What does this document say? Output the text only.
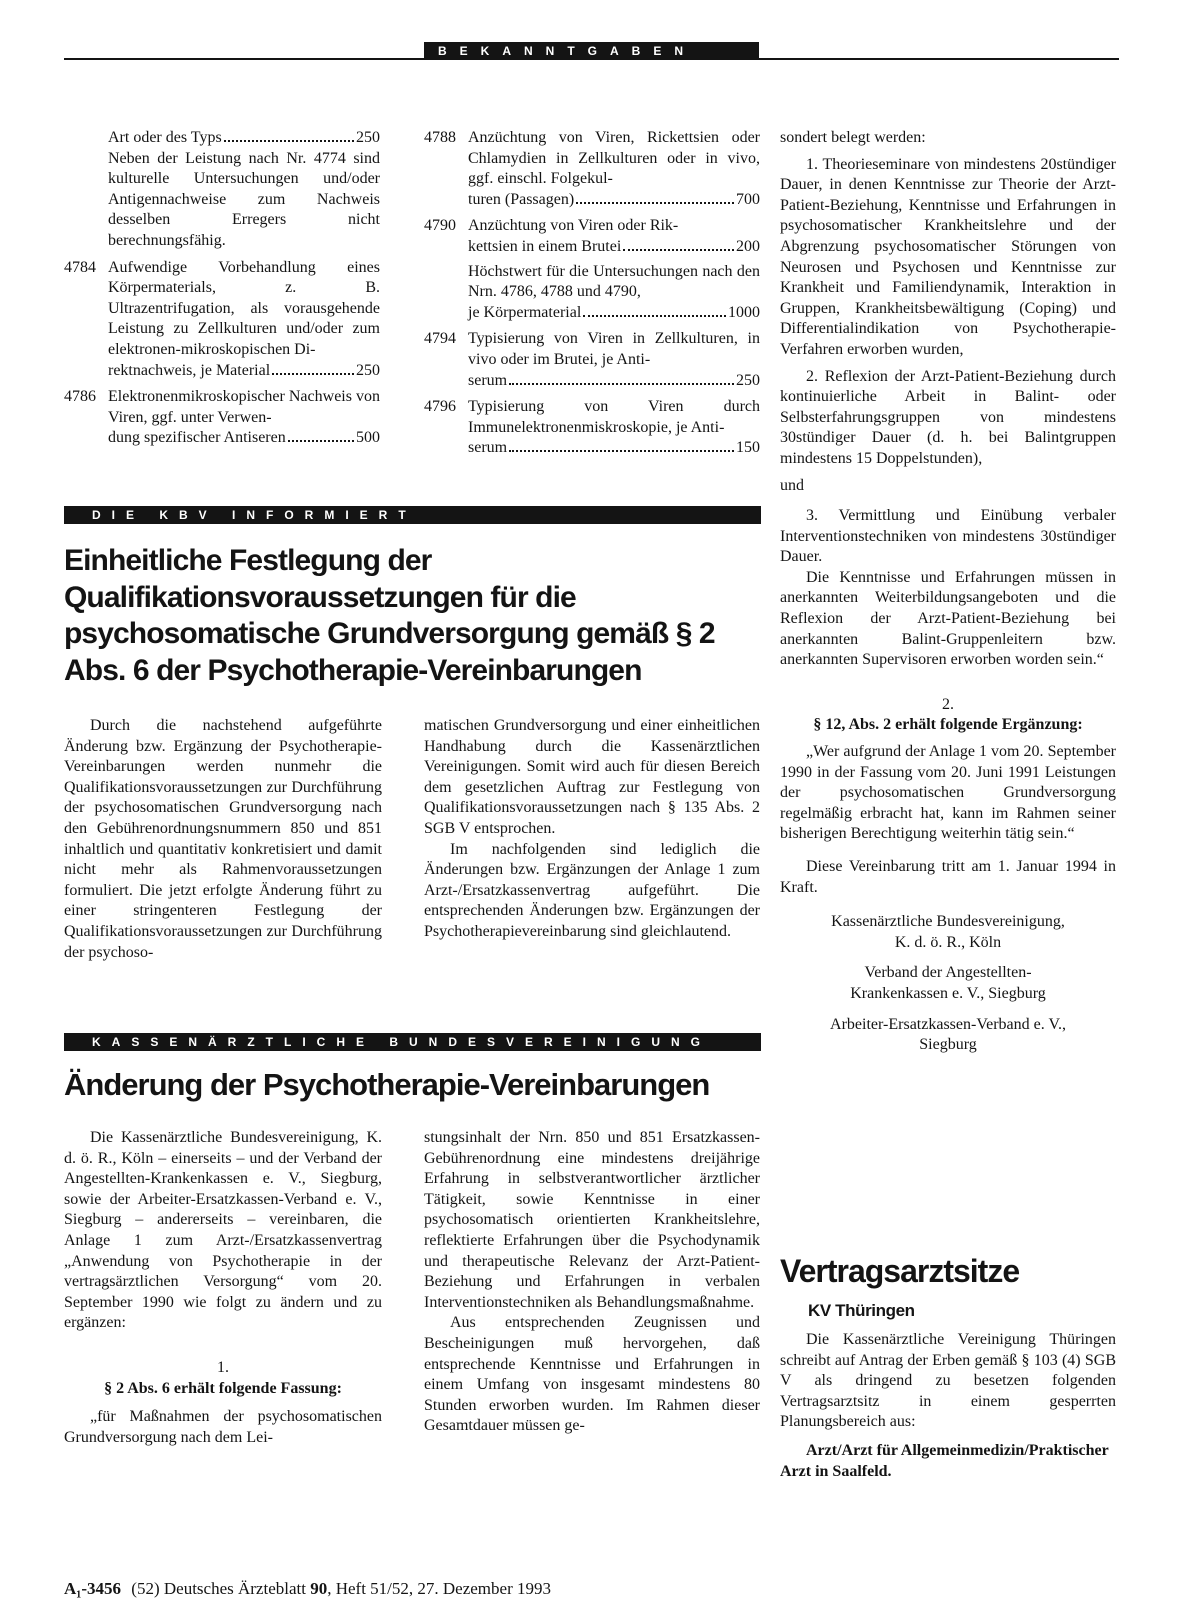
BEKANNTGABEN
Art oder des Typs	250

Neben der Leistung nach Nr. 4774 sind kulturelle Untersuchungen und/oder Antigennachweise zum Nachweis desselben Erregers nicht berechnungsfähig.

4784 Aufwendige Vorbehandlung eines Körpermaterials, z. B. Ultrazentrifugation, als vorausgehende Leistung zu Zellkulturen und/oder zum elektronen-mikroskopischen Di-

rektnachweis, je Material	250

4786 Elektronenmikroskopischer Nachweis von Viren, ggf. unter Verwen-

dung spezifischer Antiseren	500

4788 Anzüchtung von Viren, Rickettsien oder Chlamydien in Zellkulturen oder in vivo, ggf. einschl. Folgekul-

turen (Passagen)	700

4790 Anzüchtung von Viren oder Rik-

kettsien in einem Brutei	200

Höchstwert für die Untersuchungen nach den Nrn. 4786, 4788 und 4790,

je Körpermaterial	1000

4794 Typisierung von Viren in Zellkulturen, in vivo oder im Brutei, je Anti-

serum	250

4796 Typisierung von Viren durch Immunelektronenmiskroskopie, je Anti-

serum	150
DIE KBV INFORMIERT
Einheitliche Festlegung der Qualifikationsvoraussetzungen für die psychosomatische Grundversorgung gemäß § 2 Abs. 6 der Psychotherapie-Vereinbarungen

Durch die nachstehend aufgeführte Änderung bzw. Ergänzung der Psychotherapie-Vereinbarungen werden nunmehr die Qualifikationsvoraussetzungen zur Durchführung der psychosomatischen Grundversorgung nach den Gebührenordnungsnummern 850 und 851 inhaltlich und quantitativ konkretisiert und damit nicht mehr als Rahmenvoraussetzungen formuliert. Die jetzt erfolgte Änderung führt zu einer stringenteren Festlegung der Qualifikationsvoraussetzungen zur Durchführung der psychoso-

matischen Grundversorgung und einer einheitlichen Handhabung durch die Kassenärztlichen Vereinigungen. Somit wird auch für diesen Bereich dem gesetzlichen Auftrag zur Festlegung von Qualifikationsvoraussetzungen nach § 135 Abs. 2 SGB V entsprochen.

Im nachfolgenden sind lediglich die Änderungen bzw. Ergänzungen der Anlage 1 zum Arzt-/Ersatzkassenvertrag aufgeführt. Die entsprechenden Änderungen bzw. Ergänzungen der Psychotherapievereinbarung sind gleichlautend.

KASSENÄRZTLICHE BUNDESVEREINIGUNG
Änderung der Psychotherapie-Vereinbarungen

Die Kassenärztliche Bundesvereinigung, K. d. ö. R., Köln – einerseits – und der Verband der Angestellten-Krankenkassen e. V., Siegburg, sowie der Arbeiter-Ersatzkassen-Verband e. V., Siegburg – andererseits – vereinbaren, die Anlage 1 zum Arzt-/Ersatzkassenvertrag „Anwendung von Psychotherapie in der vertragsärztlichen Versorgung“ vom 20. September 1990 wie folgt zu ändern und zu ergänzen:

1.

§ 2 Abs. 6 erhält folgende Fassung:

„für Maßnahmen der psychosomatischen Grundversorgung nach dem Lei-

stungsinhalt der Nrn. 850 und 851 Ersatzkassen-Gebührenordnung eine mindestens dreijährige Erfahrung in selbstverantwortlicher ärztlicher Tätigkeit, sowie Kenntnisse in einer psychosomatisch orientierten Krankheitslehre, reflektierte Erfahrungen über die Psychodynamik und therapeutische Relevanz der Arzt-Patient-Beziehung und Erfahrungen in verbalen Interventionstechniken als Behandlungsmaßnahme.

Aus entsprechenden Zeugnissen und Bescheinigungen muß hervorgehen, daß entsprechende Kenntnisse und Erfahrungen in einem Umfang von insgesamt mindestens 80 Stunden erworben wurden. Im Rahmen dieser Gesamtdauer müssen ge-

sondert belegt werden:

1. Theorieseminare von mindestens 20stündiger Dauer, in denen Kenntnisse zur Theorie der Arzt-Patient-Beziehung, Kenntnisse und Erfahrungen in psychosomatischer Krankheitslehre und der Abgrenzung psychosomatischer Störungen von Neurosen und Psychosen und Kenntnisse zur Krankheit und Familiendynamik, Interaktion in Gruppen, Krankheitsbewältigung (Coping) und Differentialindikation von Psychotherapie-Verfahren erworben wurden,

2. Reflexion der Arzt-Patient-Beziehung durch kontinuierliche Arbeit in Balint- oder Selbsterfahrungsgruppen von mindestens 30stündiger Dauer (d. h. bei Balintgruppen mindestens 15 Doppelstunden),

und

3. Vermittlung und Einübung verbaler Interventionstechniken von mindestens 30stündiger Dauer.

Die Kenntnisse und Erfahrungen müssen in anerkannten Weiterbildungsangeboten und die Reflexion der Arzt-Patient-Beziehung bei anerkannten Balint-Gruppenleitern bzw. anerkannten Supervisoren erworben worden sein.“

2.

§ 12, Abs. 2 erhält folgende Ergänzung:

„Wer aufgrund der Anlage 1 vom 20. September 1990 in der Fassung vom 20. Juni 1991 Leistungen der psychosomatischen Grundversorgung regelmäßig erbracht hat, kann im Rahmen seiner bisherigen Berechtigung weiterhin tätig sein.“

Diese Vereinbarung tritt am 1. Januar 1994 in Kraft.

Kassenärztliche Bundesvereinigung,

K. d. ö. R., Köln

Verband der Angestellten-

Krankenkassen e. V., Siegburg

Arbeiter-Ersatzkassen-Verband e. V.,

Siegburg

Vertragsarztsitze
KV Thüringen

Die Kassenärztliche Vereinigung Thüringen schreibt auf Antrag der Erben gemäß § 103 (4) SGB V als dringend zu besetzen folgenden Vertragsarztsitz in einem gesperrten Planungsbereich aus:

Arzt/Arzt für Allgemeinmedizin/Praktischer Arzt in Saalfeld.

A₁-3456 (52) Deutsches Ärzteblatt 90, Heft 51/52, 27. Dezember 1993
